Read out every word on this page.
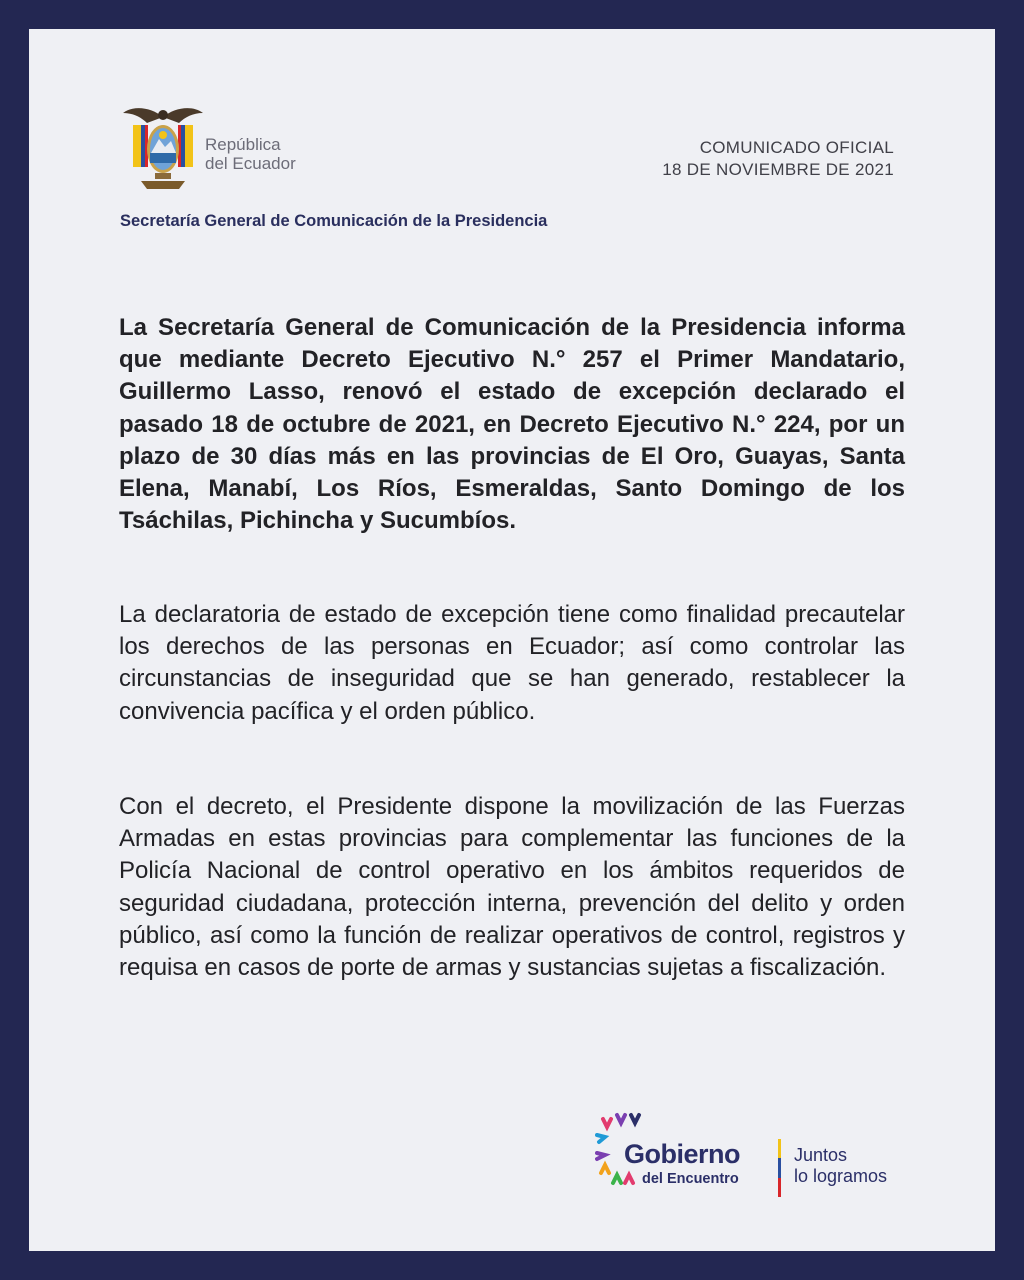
República
del Ecuador
COMUNICADO OFICIAL
18 DE NOVIEMBRE DE 2021
Secretaría General de Comunicación de la Presidencia

La Secretaría General de Comunicación de la Presidencia informa que mediante Decreto Ejecutivo N.° 257 el Primer Mandatario, Guillermo Lasso, renovó el estado de excepción declarado el pasado 18 de octubre de 2021, en Decreto Ejecutivo N.° 224, por un plazo de 30 días más en las provincias de El Oro, Guayas, Santa Elena, Manabí, Los Ríos, Esmeraldas, Santo Domingo de los Tsáchilas, Pichincha y Sucumbíos.

La declaratoria de estado de excepción tiene como finalidad precautelar los derechos de las personas en Ecuador; así como controlar las circunstancias de inseguridad que se han generado, restablecer la convivencia pacífica y el orden público.

Con el decreto, el Presidente dispone la movilización de las Fuerzas Armadas en estas provincias para complementar las funciones de la Policía Nacional de control operativo en los ámbitos requeridos de seguridad ciudadana, protección interna, prevención del delito y orden público, así como la función de realizar operativos de control, registros y requisa en casos de porte de armas y sustancias sujetas a fiscalización.

Gobierno
del Encuentro
Juntos
lo logramos
